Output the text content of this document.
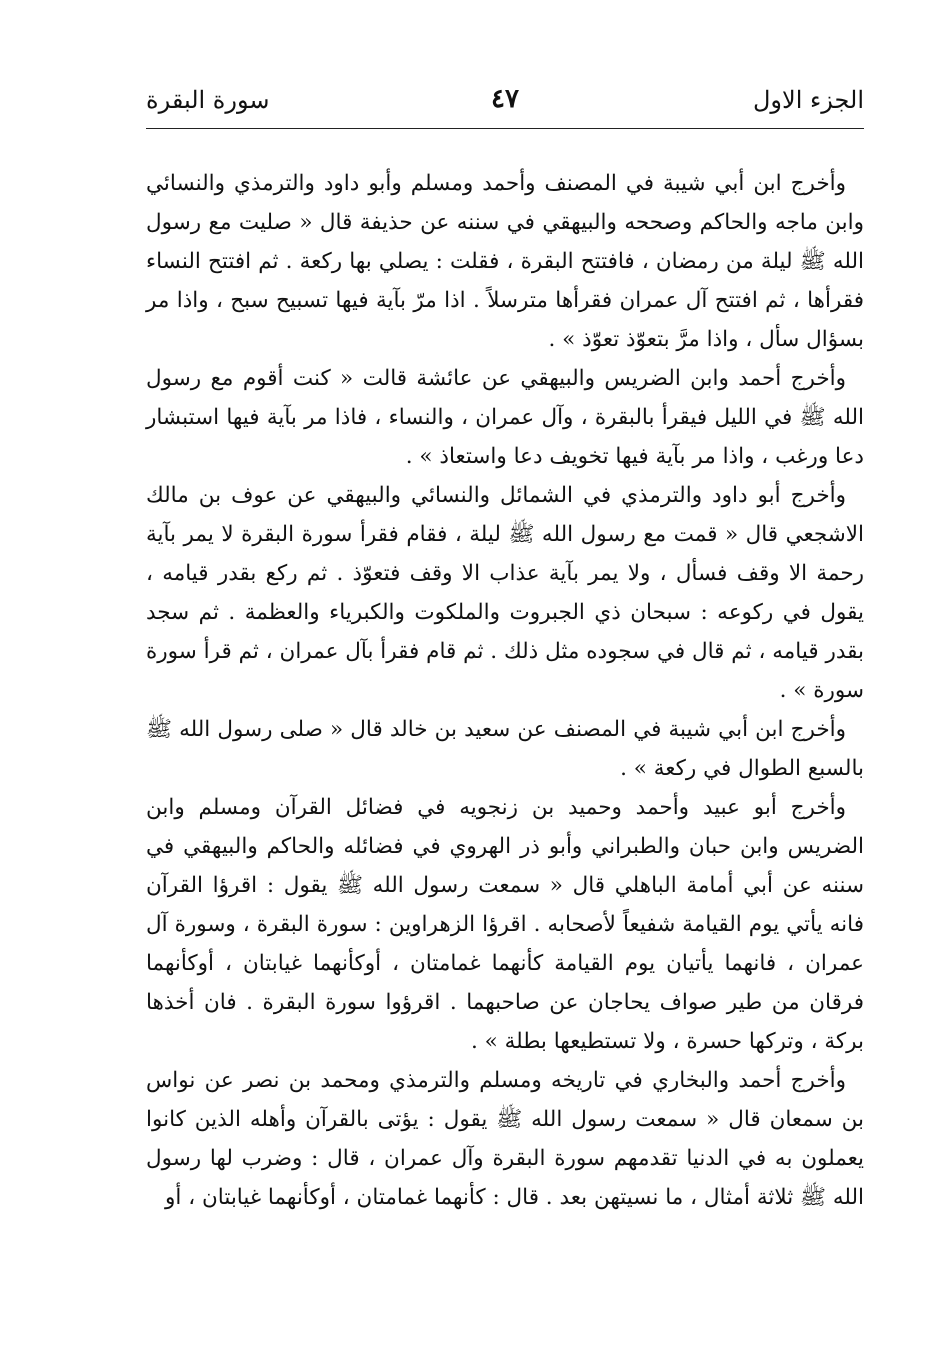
الجزء الاول
٤٧
سورة البقرة

وأخرج ابن أبي شيبة في المصنف وأحمد ومسلم وأبو داود والترمذي والنسائي وابن ماجه والحاكم وصححه والبيهقي في سننه عن حذيفة قال « صليت مع رسول الله ﷺ ليلة من رمضان ، فافتتح البقرة ، فقلت : يصلي بها ركعة . ثم افتتح النساء فقرأها ، ثم افتتح آل عمران فقرأها مترسلاً . اذا مرّ بآية فيها تسبيح سبح ، واذا مر بسؤال سأل ، واذا مرَّ بتعوّذ تعوّذ » .

وأخرج أحمد وابن الضريس والبيهقي عن عائشة قالت « كنت أقوم مع رسول الله ﷺ في الليل فيقرأ بالبقرة ، وآل عمران ، والنساء ، فاذا مر بآية فيها استبشار دعا ورغب ، واذا مر بآية فيها تخويف دعا واستعاذ » .

وأخرج أبو داود والترمذي في الشمائل والنسائي والبيهقي عن عوف بن مالك الاشجعي قال « قمت مع رسول الله ﷺ ليلة ، فقام فقرأ سورة البقرة لا يمر بآية رحمة الا وقف فسأل ، ولا يمر بآية عذاب الا وقف فتعوّذ . ثم ركع بقدر قيامه ، يقول في ركوعه : سبحان ذي الجبروت والملكوت والكبرياء والعظمة . ثم سجد بقدر قيامه ، ثم قال في سجوده مثل ذلك . ثم قام فقرأ بآل عمران ، ثم قرأ سورة سورة » .

وأخرج ابن أبي شيبة في المصنف عن سعيد بن خالد قال « صلى رسول الله ﷺ بالسبع الطوال في ركعة » .

وأخرج أبو عبيد وأحمد وحميد بن زنجويه في فضائل القرآن ومسلم وابن الضريس وابن حبان والطبراني وأبو ذر الهروي في فضائله والحاكم والبيهقي في سننه عن أبي أمامة الباهلي قال « سمعت رسول الله ﷺ يقول : اقرؤا القرآن فانه يأتي يوم القيامة شفيعاً لأصحابه . اقرؤا الزهراوين : سورة البقرة ، وسورة آل عمران ، فانهما يأتيان يوم القيامة كأنهما غمامتان ، أوكأنهما غيابتان ، أوكأنهما فرقان من طير صواف يحاجان عن صاحبهما . اقرؤوا سورة البقرة . فان أخذها بركة ، وتركها حسرة ، ولا تستطيعها بطلة » .

وأخرج أحمد والبخاري في تاريخه ومسلم والترمذي ومحمد بن نصر عن نواس بن سمعان قال « سمعت رسول الله ﷺ يقول : يؤتى بالقرآن وأهله الذين كانوا يعملون به في الدنيا تقدمهم سورة البقرة وآل عمران ، قال : وضرب لها رسول الله ﷺ ثلاثة أمثال ، ما نسيتهن بعد . قال : كأنهما غمامتان ، أوكأنهما غيابتان ، أو
